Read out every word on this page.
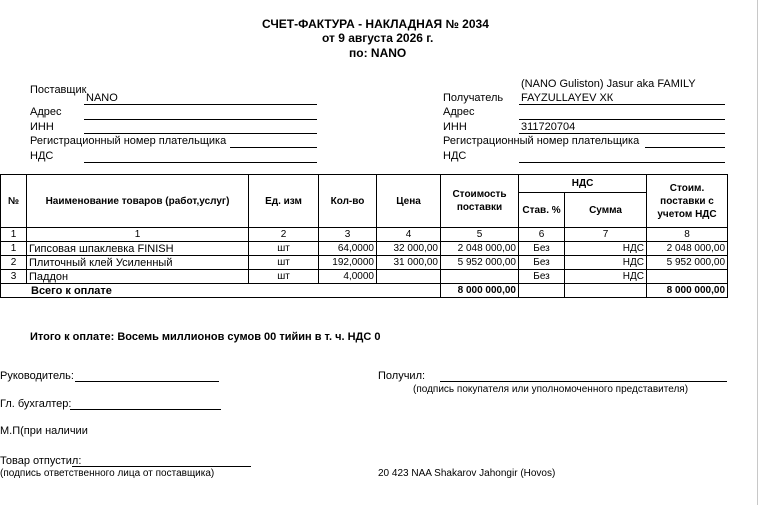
СЧЕТ-ФАКТУРА - НАКЛАДНАЯ № 2034
от 9 августа 2026 г.
по: NANO
Поставщик
NANO
Адрес
ИНН
Регистрационный номер плательщика
НДС
(NANO Guliston) Jasur aka FAMILY
Получатель FAYZULLAYEV ХК
Адрес
ИНН	311720704
Регистрационный номер плательщика
НДС
№	Наименование товаров (работ,услуг)	Ед. изм	Кол-во	Цена	Стоимость поставки	НДС		Стоим. поставки с учетом НДС
						Став. %	Сумма	
1	1	2	3	4	5	6	7	8
1	Гипсовая шпаклевка FINISH	шт	64,0000	32 000,00	2 048 000,00	Без	НДС	2 048 000,00
2	Плиточный клей Усиленный	шт	192,0000	31 000,00	5 952 000,00	Без	НДС	5 952 000,00
3	Паддон	шт	4,0000			Без	НДС	
Всего к оплате					8 000 000,00			8 000 000,00
Итого к оплате: Восемь миллионов сумов 00 тийин в т. ч. НДС 0
Руководитель:	Получил:
(подпись покупателя или уполномоченного представителя)
Гл. бухгалтер:
М.П(при наличии
Товар отпустил:
(подпись ответственного лица от поставщика)	20 423 NAA Shakarov Jahongir (Hovos)
